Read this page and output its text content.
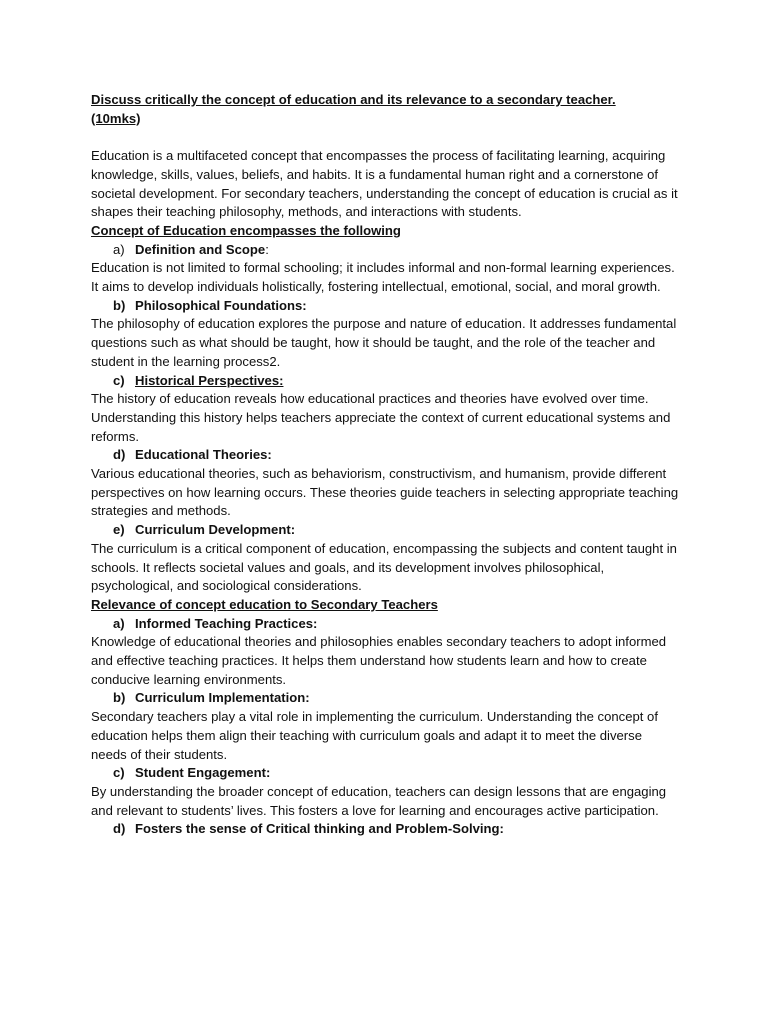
Discuss critically the concept of education and its relevance to a secondary teacher.
(10mks)

Education is a multifaceted concept that encompasses the process of facilitating learning, acquiring knowledge, skills, values, beliefs, and habits. It is a fundamental human right and a cornerstone of societal development. For secondary teachers, understanding the concept of education is crucial as it shapes their teaching philosophy, methods, and interactions with students.

Concept of Education encompasses the following

a) Definition and Scope:

Education is not limited to formal schooling; it includes informal and non-formal learning experiences. It aims to develop individuals holistically, fostering intellectual, emotional, social, and moral growth.

b) Philosophical Foundations:

The philosophy of education explores the purpose and nature of education. It addresses fundamental questions such as what should be taught, how it should be taught, and the role of the teacher and student in the learning process2.

c) Historical Perspectives:

The history of education reveals how educational practices and theories have evolved over time. Understanding this history helps teachers appreciate the context of current educational systems and reforms.

d) Educational Theories:

Various educational theories, such as behaviorism, constructivism, and humanism, provide different perspectives on how learning occurs. These theories guide teachers in selecting appropriate teaching strategies and methods.

e) Curriculum Development:

The curriculum is a critical component of education, encompassing the subjects and content taught in schools. It reflects societal values and goals, and its development involves philosophical, psychological, and sociological considerations.

Relevance of concept education to Secondary Teachers

a) Informed Teaching Practices:

Knowledge of educational theories and philosophies enables secondary teachers to adopt informed and effective teaching practices. It helps them understand how students learn and how to create conducive learning environments.

b) Curriculum Implementation:

Secondary teachers play a vital role in implementing the curriculum. Understanding the concept of education helps them align their teaching with curriculum goals and adapt it to meet the diverse needs of their students.

c) Student Engagement:

By understanding the broader concept of education, teachers can design lessons that are engaging and relevant to students’ lives. This fosters a love for learning and encourages active participation.

d) Fosters the sense of Critical thinking and Problem-Solving:
